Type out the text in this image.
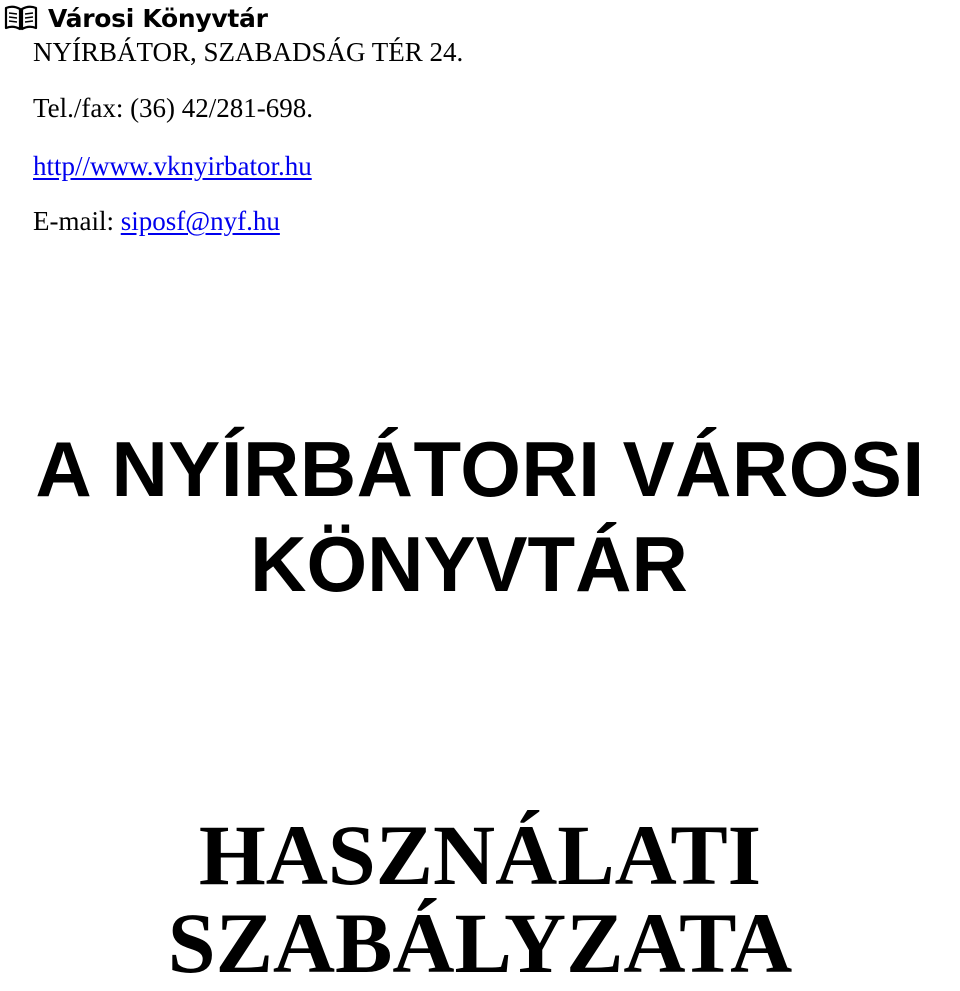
Városi Könyvtár
NYÍRBÁTOR, SZABADSÁG TÉR 24.
Tel./fax: (36) 42/281-698.
http//www.vknyirbator.hu
E-mail: siposf@nyf.hu
A NYÍRBÁTORI VÁROSI
KÖNYVTÁR
HASZNÁLATI
SZABÁLYZATA
